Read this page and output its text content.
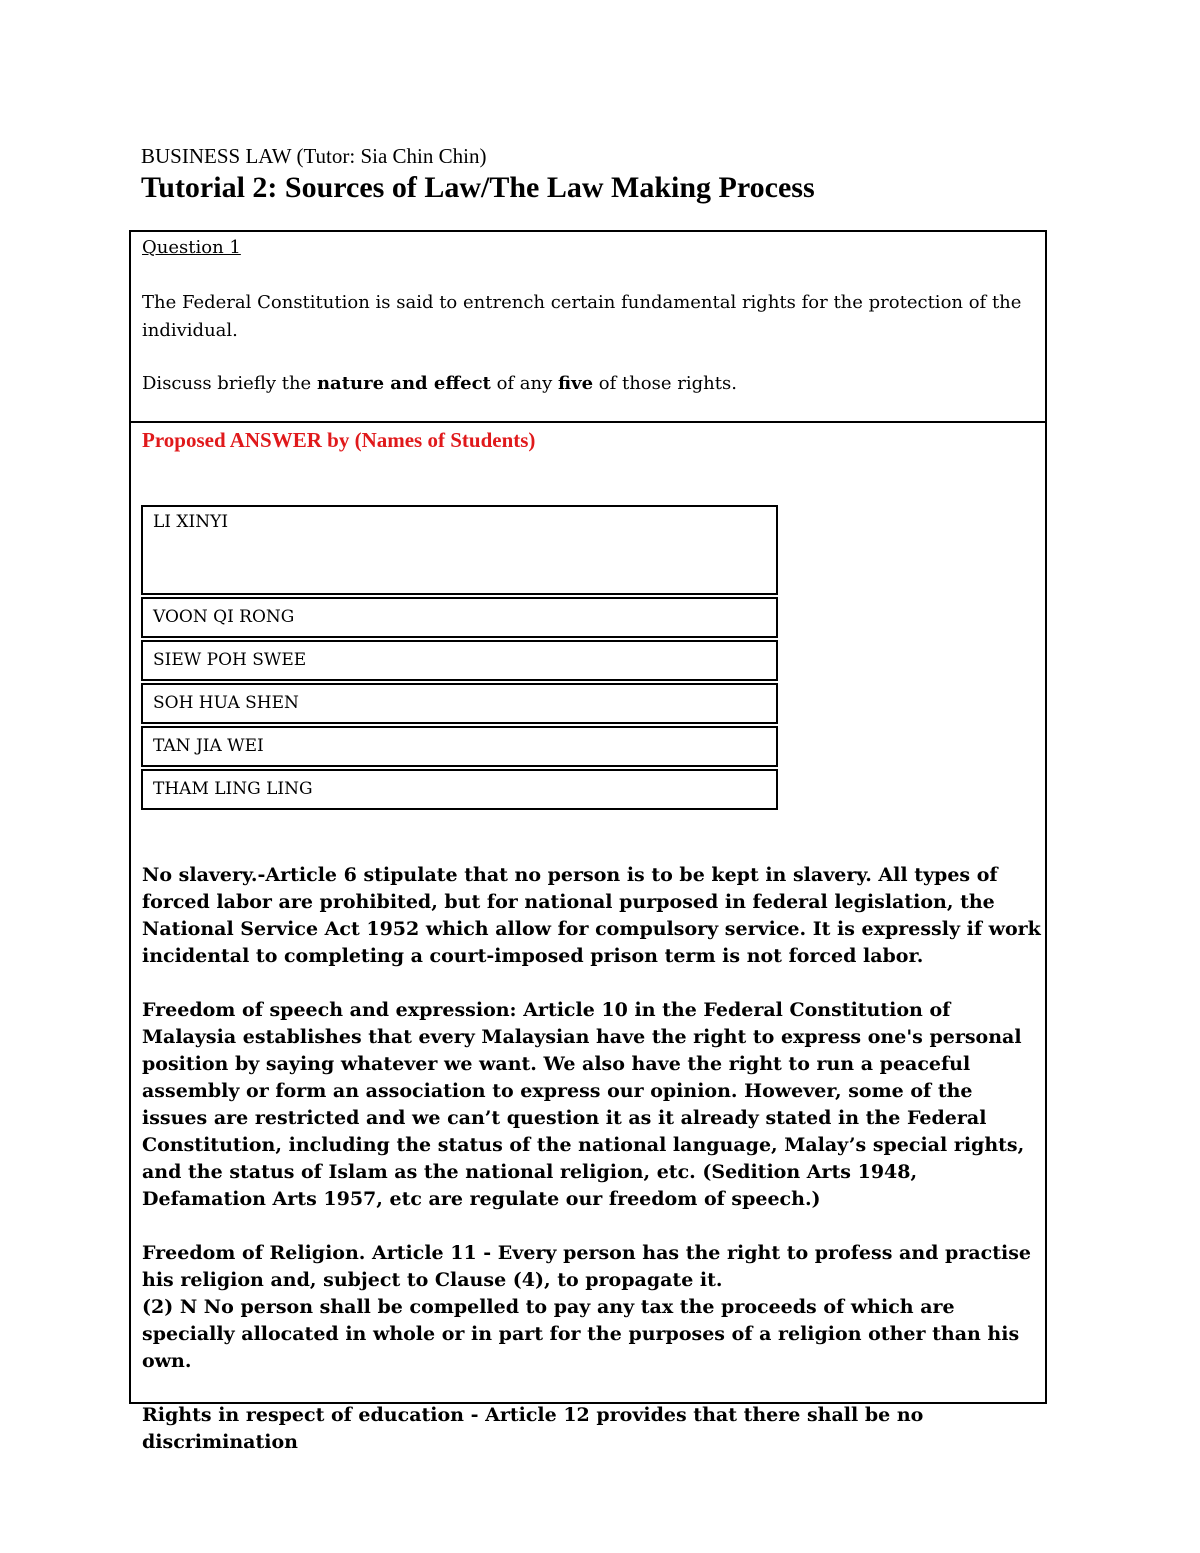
BUSINESS LAW (Tutor: Sia Chin Chin)
Tutorial 2: Sources of Law/The Law Making Process
Question 1
The Federal Constitution is said to entrench certain fundamental rights for the protection of the individual.
Discuss briefly the nature and effect of any five of those rights.
Proposed ANSWER by (Names of Students)
LI XINYI
VOON QI RONG
SIEW POH SWEE
SOH HUA SHEN
TAN JIA WEI
THAM LING LING

No slavery.-Article 6 stipulate that no person is to be kept in slavery. All types of forced labor are prohibited, but for national purposed in federal legislation, the National Service Act 1952 which allow for compulsory service. It is expressly if work incidental to completing a court-imposed prison term is not forced labor.

Freedom of speech and expression: Article 10 in the Federal Constitution of Malaysia establishes that every Malaysian have the right to express one's personal position by saying whatever we want. We also have the right to run a peaceful assembly or form an association to express our opinion. However, some of the issues are restricted and we can’t question it as it already stated in the Federal Constitution, including the status of the national language, Malay’s special rights, and the status of Islam as the national religion, etc. (Sedition Arts 1948, Defamation Arts 1957, etc are regulate our freedom of speech.)

Freedom of Religion. Article 11 - Every person has the right to profess and practise his religion and, subject to Clause (4), to propagate it.

(2) N No person shall be compelled to pay any tax the proceeds of which are specially allocated in whole or in part for the purposes of a religion other than his own.

Rights in respect of education - Article 12 provides that there shall be no discrimination
